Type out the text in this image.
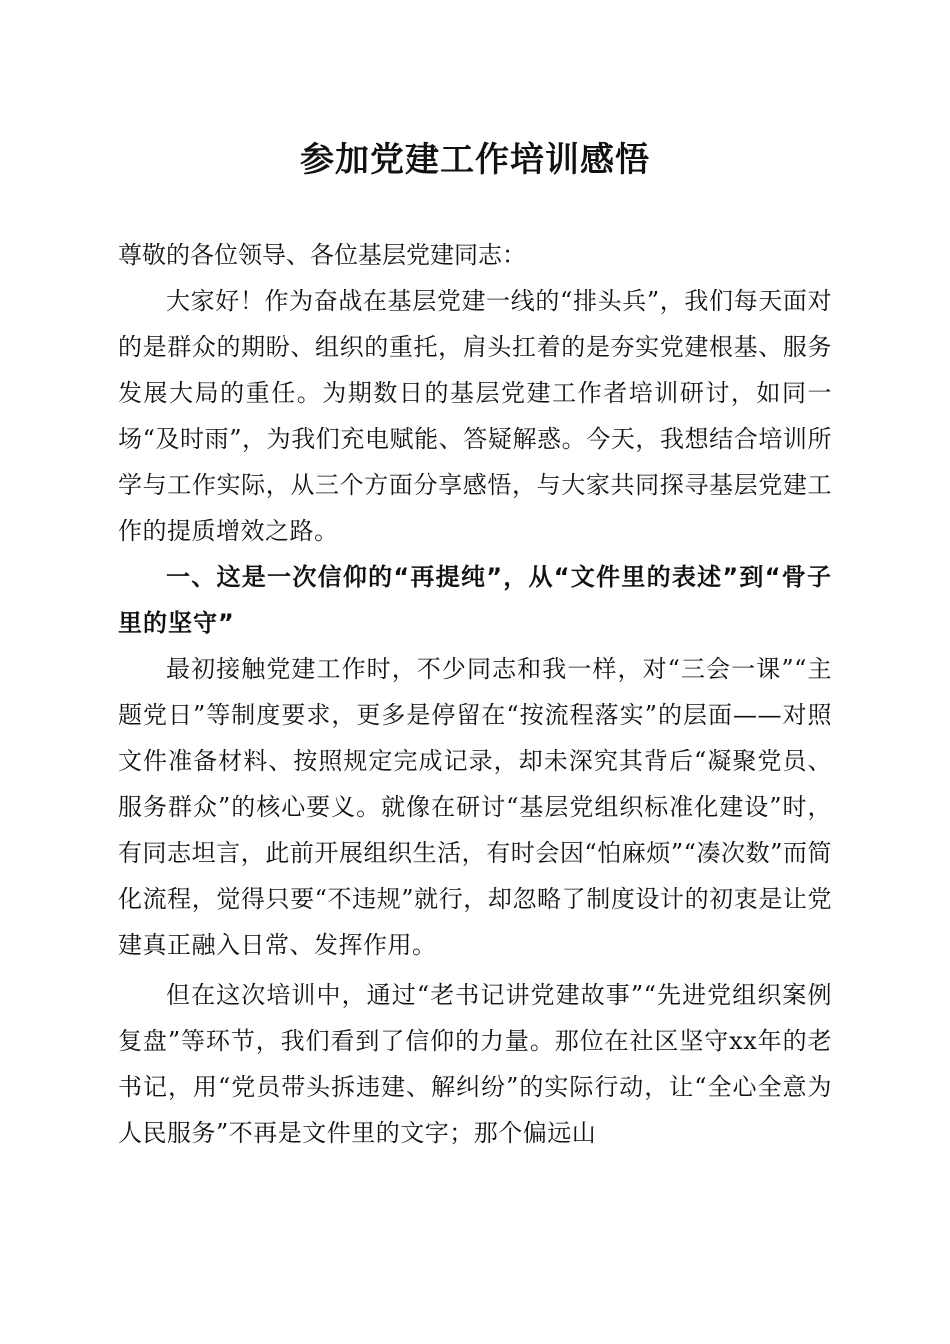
参加党建工作培训感悟

尊敬的各位领导、各位基层党建同志：

大家好！作为奋战在基层党建一线的“排头兵”，我们每天面对的是群众的期盼、组织的重托，肩头扛着的是夯实党建根基、服务发展大局的重任。为期数日的基层党建工作者培训研讨，如同一场“及时雨”，为我们充电赋能、答疑解惑。今天，我想结合培训所学与工作实际，从三个方面分享感悟，与大家共同探寻基层党建工作的提质增效之路。

一、这是一次信仰的“再提纯”，从“文件里的表述”到“骨子里的坚守”

最初接触党建工作时，不少同志和我一样，对“三会一课”“主题党日”等制度要求，更多是停留在“按流程落实”的层面——对照文件准备材料、按照规定完成记录，却未深究其背后“凝聚党员、服务群众”的核心要义。就像在研讨“基层党组织标准化建设”时，有同志坦言，此前开展组织生活，有时会因“怕麻烦”“凑次数”而简化流程，觉得只要“不违规”就行，却忽略了制度设计的初衷是让党建真正融入日常、发挥作用。

但在这次培训中，通过“老书记讲党建故事”“先进党组织案例复盘”等环节，我们看到了信仰的力量。那位在社区坚守xx年的老书记，用“党员带头拆违建、解纠纷”的实际行动，让“全心全意为人民服务”不再是文件里的文字；那个偏远山
